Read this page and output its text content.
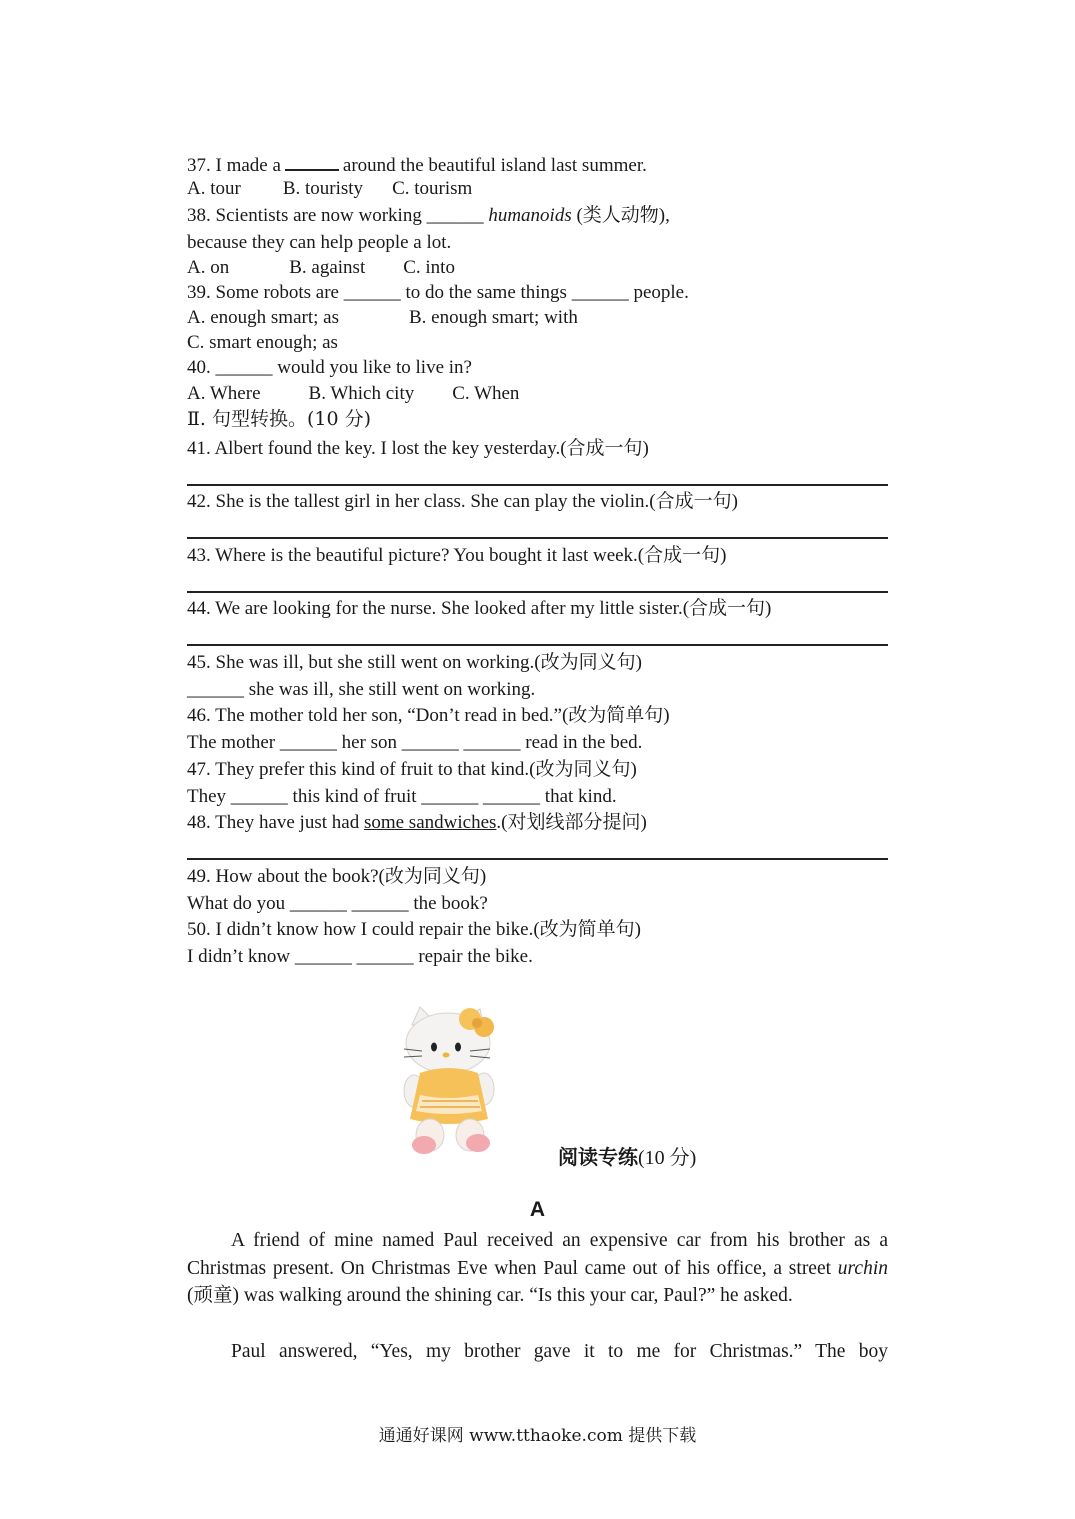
37. I made a	around the beautiful island last summer.
A. tour B. touristy C. tourism
38. Scientists are now working ______ humanoids (类人动物),
because they can help people a lot.
A. on	B. against C. into
39. Some robots are ______ to do the same things ______ people.
A. enough smart; as	B. enough smart; with
C. smart enough; as
40. ______ would you like to live in?
A. Where	B. Which city C. When
Ⅱ. 句型转换。(10 分)
41. Albert found the key. I lost the key yesterday.(合成一句)
42. She is the tallest girl in her class. She can play the violin.(合成一句)
43. Where is the beautiful picture? You bought it last week.(合成一句)
44. We are looking for the nurse. She looked after my little sister.(合成一句)
45. She was ill, but she still went on working.(改为同义句)
______ she was ill, she still went on working.
46. The mother told her son, “Don’t read in bed.”(改为简单句)
The mother ______ her son ______ ______ read in the bed.
47. They prefer this kind of fruit to that kind.(改为同义句)
They ______ this kind of fruit ______ ______ that kind.
48. They have just had some sandwiches.(对划线部分提问)
49. How about the book?(改为同义句)
What do you ______ ______ the book?
50. I didn’t know how I could repair the bike.(改为简单句)
I didn’t know ______ ______ repair the bike.
阅读专练(10 分)
A
A friend of mine named Paul received an expensive car from his brother as a Christmas present. On Christmas Eve when Paul came out of his office, a street urchin (顽童) was walking around the shining car. “Is this your car, Paul?” he asked.
Paul answered, “Yes, my brother gave it to me for Christmas.” The boy
通通好课网 www.tthaoke.com 提供下载
